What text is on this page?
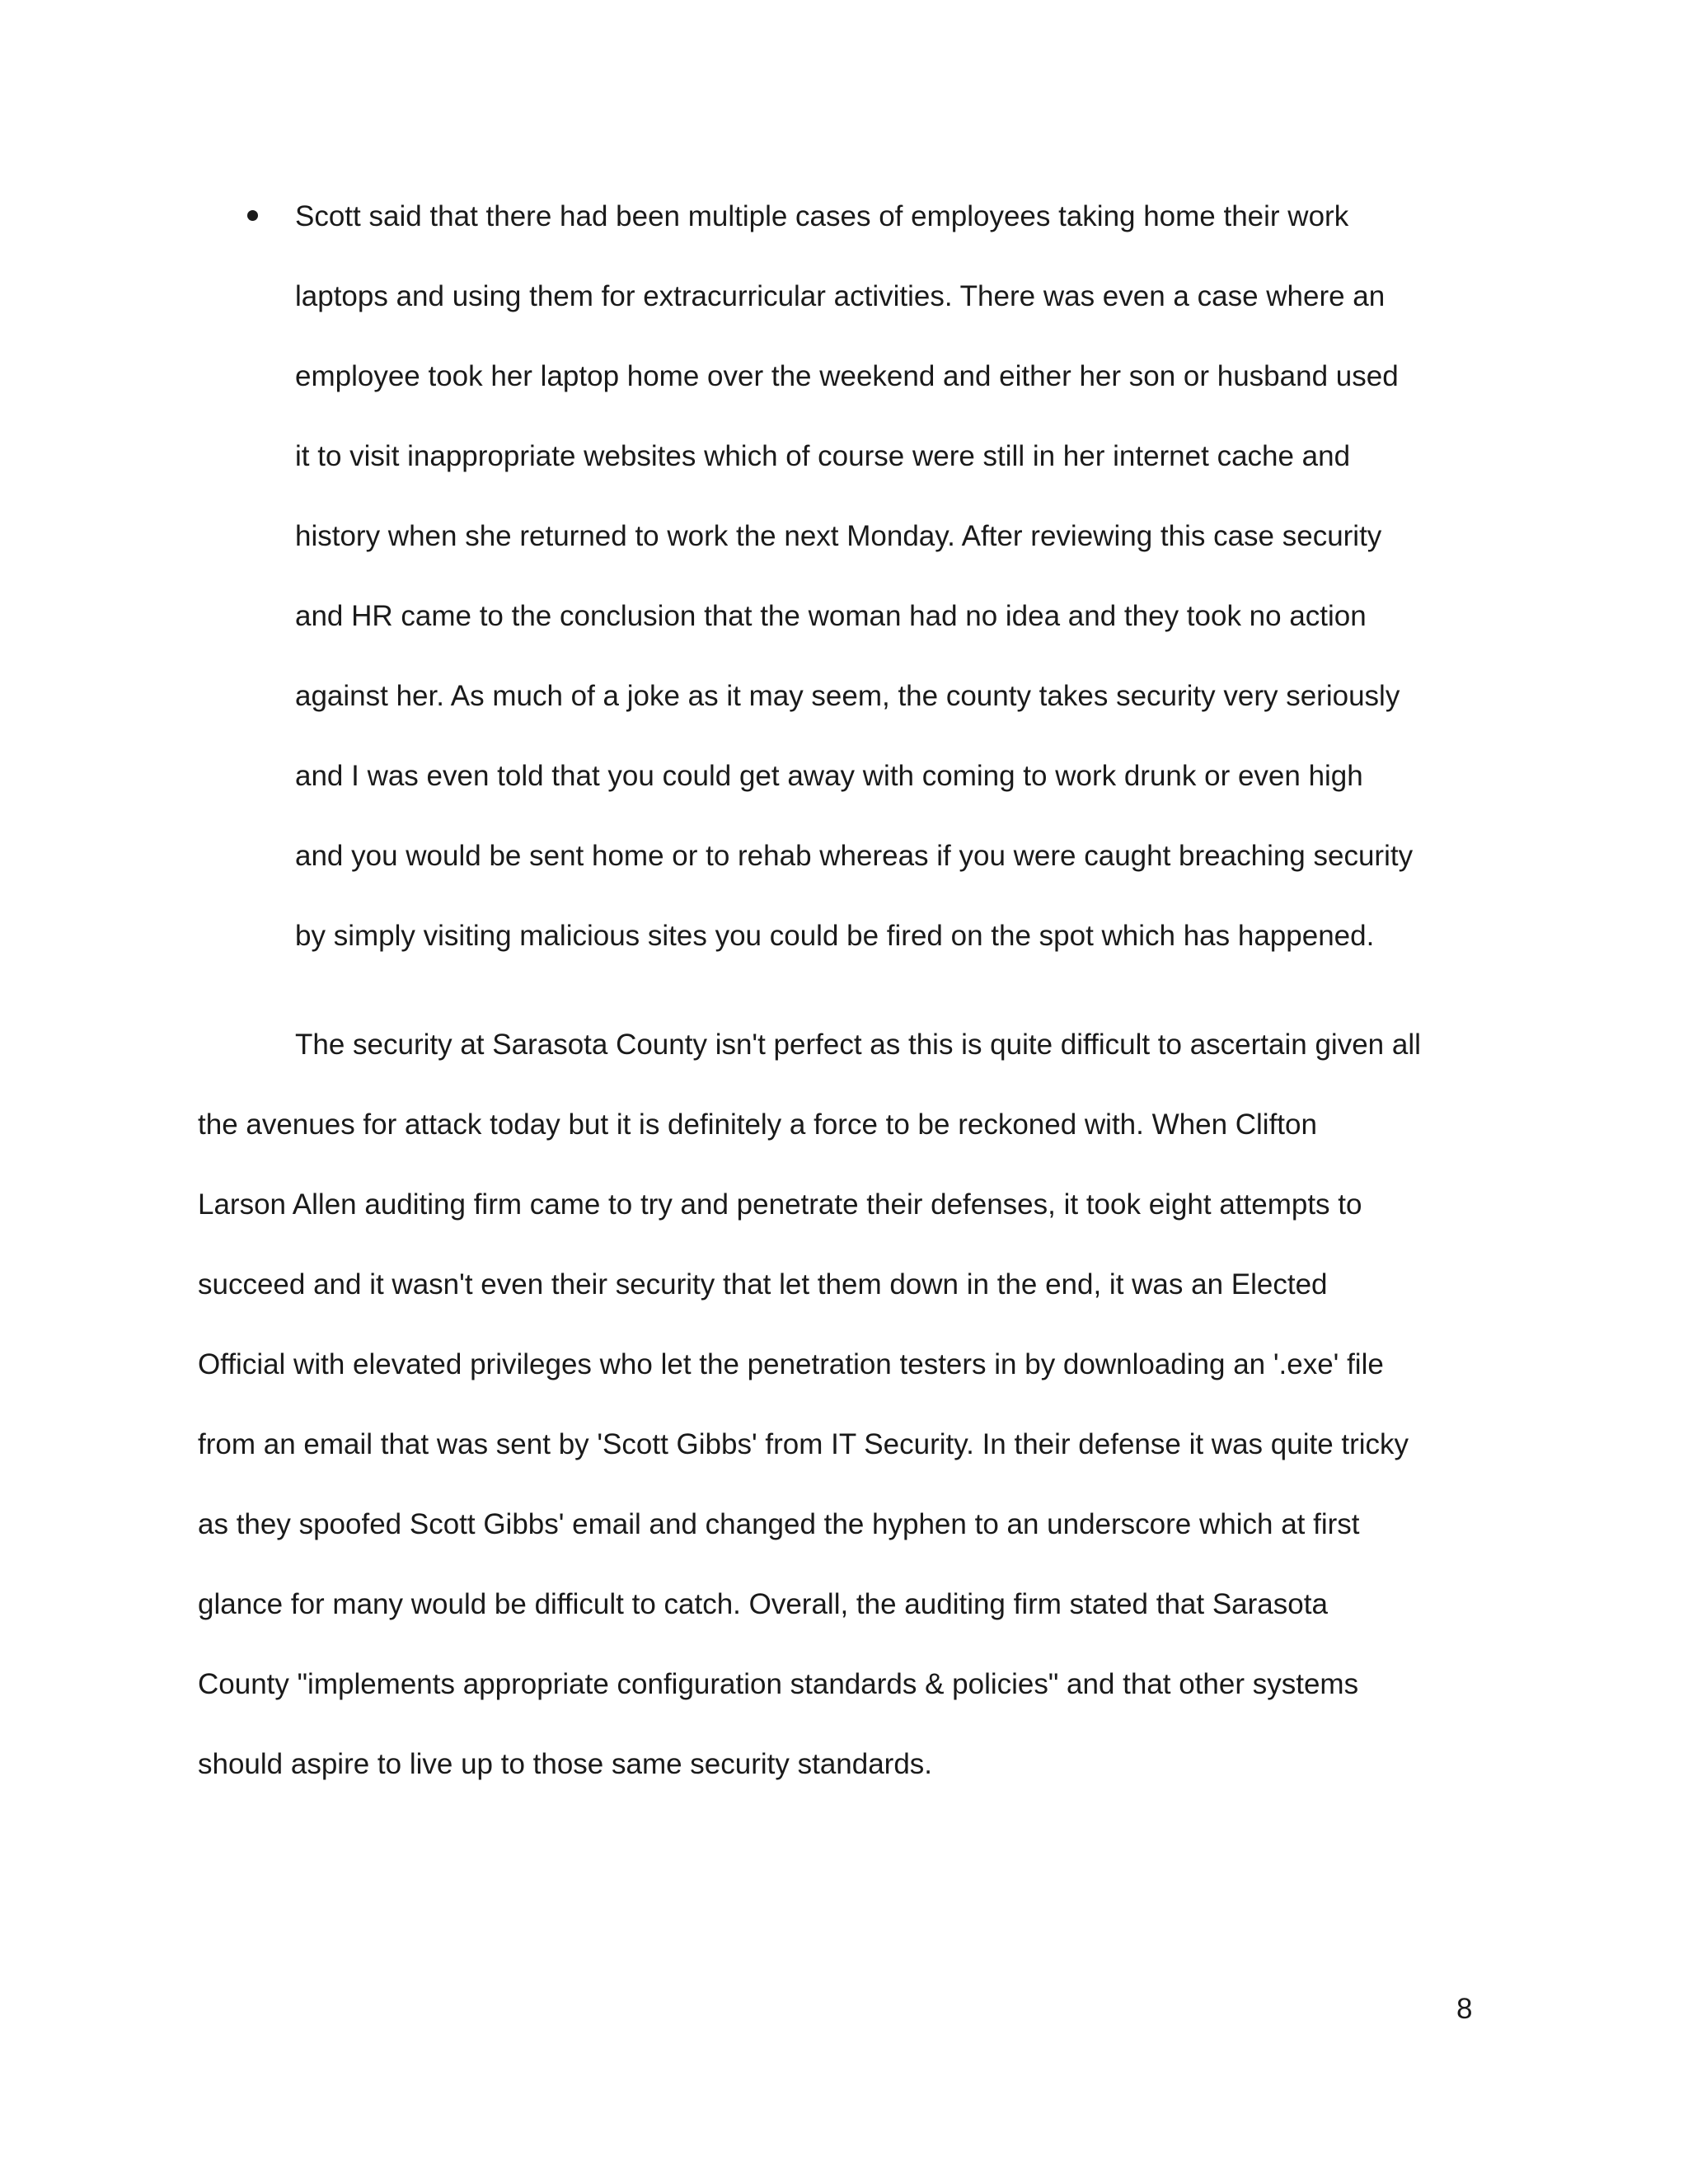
Scott said that there had been multiple cases of employees taking home their work
laptops and using them for extracurricular activities. There was even a case where an
employee took her laptop home over the weekend and either her son or husband used
it to visit inappropriate websites which of course were still in her internet cache and
history when she returned to work the next Monday. After reviewing this case security
and HR came to the conclusion that the woman had no idea and they took no action
against her. As much of a joke as it may seem, the county takes security very seriously
and I was even told that you could get away with coming to work drunk or even high
and you would be sent home or to rehab whereas if you were caught breaching security
by simply visiting malicious sites you could be fired on the spot which has happened.
The security at Sarasota County isn't perfect as this is quite difficult to ascertain given all
the avenues for attack today but it is definitely a force to be reckoned with. When Clifton
Larson Allen auditing firm came to try and penetrate their defenses, it took eight attempts to
succeed and it wasn't even their security that let them down in the end, it was an Elected
Official with elevated privileges who let the penetration testers in by downloading an '.exe' file
from an email that was sent by 'Scott Gibbs' from IT Security. In their defense it was quite tricky
as they spoofed Scott Gibbs' email and changed the hyphen to an underscore which at first
glance for many would be difficult to catch. Overall, the auditing firm stated that Sarasota
County "implements appropriate configuration standards & policies" and that other systems
should aspire to live up to those same security standards.
8
